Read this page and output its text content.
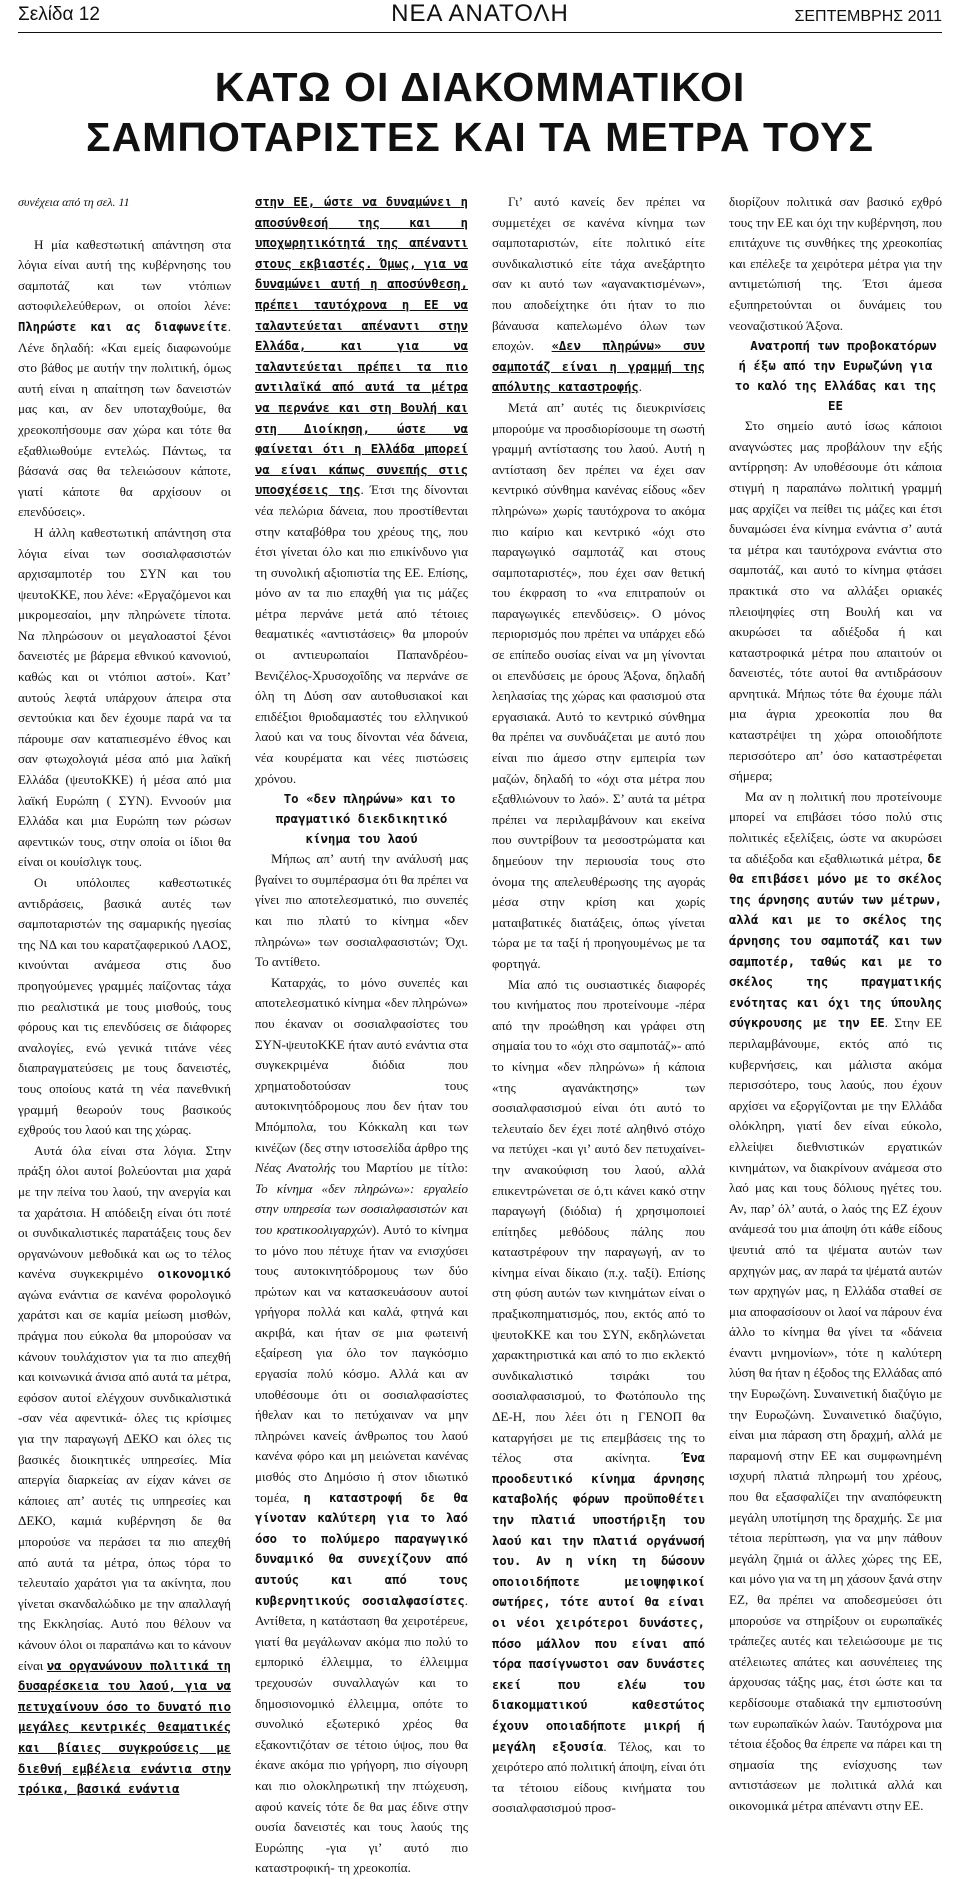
Σελίδα 12	ΝΕΑ ΑΝΑΤΟΛΗ	ΣΕΠΤΕΜΒΡΗΣ 2011
ΚΑΤΩ ΟΙ ΔΙΑΚΟΜΜΑΤΙΚΟΙ
ΣΑΜΠΟΤΑΡΙΣΤΕΣ ΚΑΙ ΤΑ ΜΕΤΡΑ ΤΟΥΣ

συνέχεια από τη σελ. 11

Η μία καθεστωτική απάντηση στα λόγια είναι αυτή της κυβέρνησης του σαμποτάζ και των ντόπιων αστοφιλελεύθερων, οι οποίοι λένε: Πληρώστε και ας διαφωνείτε. Λένε δηλαδή: «Και εμείς διαφωνούμε στο βάθος με αυτήν την πολιτική, όμως αυτή είναι η απαίτηση των δανειστών μας και, αν δεν υποταχθούμε, θα χρεοκοπήσουμε σαν χώρα και τότε θα εξαθλιωθούμε εντελώς. Πάντως, τα βάσανά σας θα τελειώσουν κάποτε, γιατί κάποτε θα αρχίσουν οι επενδύσεις».

Η άλλη καθεστωτική απάντηση στα λόγια είναι των σοσιαλφασιστών αρχισαμποτέρ του ΣΥΝ και του ψευτοΚΚΕ, που λένε: «Εργαζόμενοι και μικρομεσαίοι, μην πληρώνετε τίποτα. Να πληρώσουν οι μεγαλοαστοί ξένοι δανειστές με βάρεμα εθνικού κανονιού, καθώς και οι ντόπιοι αστοί». Κατ’ αυτούς λεφτά υπάρχουν άπειρα στα σεντούκια και δεν έχουμε παρά να τα πάρουμε σαν καταπιεσμένο έθνος και σαν φτωχολογιά μέσα από μια λαϊκή Ελλάδα (ψευτοΚΚΕ) ή μέσα από μια λαϊκή Ευρώπη ( ΣΥΝ). Εννοούν μια Ελλάδα και μια Ευρώπη των ρώσων αφεντικών τους, στην οποία οι ίδιοι θα είναι οι κουίσλιγκ τους.

Οι υπόλοιπες καθεστωτικές αντιδράσεις, βασικά αυτές των σαμποταριστών της σαμαρικής ηγεσίας της ΝΔ και του καρατζαφερικού ΛΑΟΣ, κινούνται ανάμεσα στις δυο προηγούμενες γραμμές παίζοντας τάχα πιο ρεαλιστικά με τους μισθούς, τους φόρους και τις επενδύσεις σε διάφορες αναλογίες, ενώ γενικά τιτάνε νέες διαπραγματεύσεις με τους δανειστές, τους οποίους κατά τη νέα πανεθνική γραμμή θεωρούν τους βασικούς εχθρούς του λαού και της χώρας.

Αυτά όλα είναι στα λόγια. Στην πράξη όλοι αυτοί βολεύονται μια χαρά με την πείνα του λαού, την ανεργία και τα χαράτσια. Η απόδειξη είναι ότι ποτέ οι συνδικαλιστικές παρατάξεις τους δεν οργανώνουν μεθοδικά και ως το τέλος κανένα συγκεκριμένο οικονομικό αγώνα ενάντια σε κανένα φορολογικό χαράτσι και σε καμία μείωση μισθών, πράγμα που εύκολα θα μπορούσαν να κάνουν τουλάχιστον για τα πιο απεχθή και κοινωνικά άνισα από αυτά τα μέτρα, εφόσον αυτοί ελέγχουν συνδικαλιστικά -σαν νέα αφεντικά- όλες τις κρίσιμες για την παραγωγή ΔΕΚΟ και όλες τις βασικές διοικητικές υπηρεσίες. Μία απεργία διαρκείας αν είχαν κάνει σε κάποιες απ’ αυτές τις υπηρεσίες και ΔΕΚΟ, καμιά κυβέρνηση δε θα μπορούσε να περάσει τα πιο απεχθή από αυτά τα μέτρα, όπως τόρα το τελευταίο χαράτσι για τα ακίνητα, που γίνεται σκανδαλώδικο με την απαλλαγή της Εκκλησίας. Αυτό που θέλουν να κάνουν όλοι οι παραπάνω και το κάνουν είναι να οργανώνουν πολιτικά τη δυσαρέσκεια του λαού, για να πετυχαίνουν όσο το δυνατό πιο μεγάλες κεντρικές θεαματικές και βίαιες συγκρούσεις με διεθνή εμβέλεια ενάντια στην τρόικα, βασικά ενάντια

στην ΕΕ, ώστε να δυναμώνει η αποσύνθεσή της και η υποχωρητικότητά της απέναντι στους εκβιαστές. Όμως, για να δυναμώνει αυτή η αποσύνθεση, πρέπει ταυτόχρονα η ΕΕ να ταλαντεύεται απέναντι στην Ελλάδα, και για να ταλαντεύεται πρέπει τα πιο αντιλαϊκά από αυτά τα μέτρα να περνάνε και στη Βουλή και στη Διοίκηση, ώστε να φαίνεται ότι η Ελλάδα μπορεί να είναι κάπως συνεπής στις υποσχέσεις της. Έτσι της δίνονται νέα πελώρια δάνεια, που προστίθενται στην καταβόθρα του χρέους της, που έτσι γίνεται όλο και πιο επικίνδυνο για τη συνολική αξιοπιστία της ΕΕ. Επίσης, μόνο αν τα πιο επαχθή για τις μάζες μέτρα περνάνε μετά από τέτοιες θεαματικές «αντιστάσεις» θα μπορούν οι αντιευρωπαίοι Παπανδρέου-Βενιζέλος-Χρυσοχοΐδης να περνάνε σε όλη τη Δύση σαν αυτοθυσιακοί και επιδέξιοι θριοδαμαστές του ελληνικού λαού και να τους δίνονται νέα δάνεια, νέα κουρέματα και νέες πιστώσεις χρόνου.

Το «δεν πληρώνω» και το πραγματικό διεκδικητικό κίνημα του λαού

Μήπως απ’ αυτή την ανάλυσή μας βγαίνει το συμπέρασμα ότι θα πρέπει να γίνει πιο αποτελεσματικό, πιο συνεπές και πιο πλατύ το κίνημα «δεν πληρώνω» των σοσιαλφασιστών; Όχι. Το αντίθετο.

Καταρχάς, το μόνο συνεπές και αποτελεσματικό κίνημα «δεν πληρώνω» που έκαναν οι σοσιαλφασίστες του ΣΥΝ-ψευτοΚΚΕ ήταν αυτό ενάντια στα συγκεκριμένα διόδια που χρηματοδοτούσαν τους αυτοκινητόδρομους που δεν ήταν του Μπόμπολα, του Κόκκαλη και των κινέζων (δες στην ιστοσελίδα άρθρο της Νέας Ανατολής του Μαρτίου με τίτλο: Το κίνημα «δεν πληρώνω»: εργαλείο στην υπηρεσία των σοσιαλφασιστών και του κρατικοολιγαρχών). Αυτό το κίνημα το μόνο που πέτυχε ήταν να ενισχύσει τους αυτοκινητόδρομους των δύο πρώτων και να κατασκευάσουν αυτοί γρήγορα πολλά και καλά, φτηνά και ακριβά, και ήταν σε μια φωτεινή εξαίρεση για όλο τον παγκόσμιο εργασία πολύ κόσμο. Αλλά και αν υποθέσουμε ότι οι σοσιαλφασίστες ήθελαν και το πετύχαιναν να μην πληρώνει κανείς άνθρωπος του λαού κανένα φόρο και μη μειώνεται κανένας μισθός στο Δημόσιο ή στον ιδιωτικό τομέα, η καταστροφή δε θα γίνοταν καλύτερη για το λαό όσο το πολύμερο παραγωγικό δυναμικό θα συνεχίζουν από αυτούς και από τους κυβερνητικούς σοσιαλφασίστες. Αντίθετα, η κατάσταση θα χειροτέρευε, γιατί θα μεγάλωναν ακόμα πιο πολύ το εμπορικό έλλειμμα, το έλλειμμα τρεχουσών συναλλαγών και το δημοσιονομικό έλλειμμα, οπότε το συνολικό εξωτερικό χρέος θα εξακοντιζόταν σε τέτοιο ύψος, που θα έκανε ακόμα πιο γρήγορη, πιο σίγουρη και πιο ολοκληρωτική την πτώχευση, αφού κανείς τότε δε θα μας έδινε στην ουσία δανειστές και τους λαούς της Ευρώπης -για γι’ αυτό πιο καταστροφική- τη χρεοκοπία.

Γι’ αυτό κανείς δεν πρέπει να συμμετέχει σε κανένα κίνημα των σαμποταριστών, είτε πολιτικό είτε συνδικαλιστικό είτε τάχα ανεξάρτητο σαν κι αυτό των «αγανακτισμένων», που αποδείχτηκε ότι ήταν το πιο βάναυσα καπελωμένο όλων των εποχών. «Δεν πληρώνω» συν σαμποτάζ είναι η γραμμή της απόλυτης καταστροφής.

Μετά απ’ αυτές τις διευκρινίσεις μπορούμε να προσδιορίσουμε τη σωστή γραμμή αντίστασης του λαού. Αυτή η αντίσταση δεν πρέπει να έχει σαν κεντρικό σύνθημα κανένας είδους «δεν πληρώνω» χωρίς ταυτόχρονα το ακόμα πιο καίριο και κεντρικό «όχι στο παραγωγικό σαμποτάζ και στους σαμποταριστές», που έχει σαν θετική του έκφραση το «να επιτραπούν οι παραγωγικές επενδύσεις». Ο μόνος περιορισμός που πρέπει να υπάρχει εδώ σε επίπεδο ουσίας είναι να μη γίνονται οι επενδύσεις με όρους Άξονα, δηλαδή λεηλασίας της χώρας και φασισμού στα εργασιακά. Αυτό το κεντρικό σύνθημα θα πρέπει να συνδυάζεται με αυτό που είναι πιο άμεσο στην εμπειρία των μαζών, δηλαδή το «όχι στα μέτρα που εξαθλιώνουν το λαό». Σ’ αυτά τα μέτρα πρέπει να περιλαμβάνουν και εκείνα που συντρίβουν τα μεσοστρώματα και δημεύουν την περιουσία τους στο όνομα της απελευθέρωσης της αγοράς μέσα στην κρίση και χωρίς ματαιβατικές διατάξεις, όπως γίνεται τώρα με τα ταξί ή προηγουμένως με τα φορτηγά.

Μία από τις ουσιαστικές διαφορές του κινήματος που προτείνουμε -πέρα από την προώθηση και γράφει στη σημαία του το «όχι στο σαμποτάζ»- από το κίνημα «δεν πληρώνω» ή κάποια «της αγανάκτησης» των σοσιαλφασισμού είναι ότι αυτό το τελευταίο δεν έχει ποτέ αληθινό στόχο να πετύχει -και γι’ αυτό δεν πετυχαίνει- την ανακούφιση του λαού, αλλά επικεντρώνεται σε ό,τι κάνει κακό στην παραγωγή (διόδια) ή χρησιμοποιεί επίτηδες μεθόδους πάλης που καταστρέφουν την παραγωγή, αν το κίνημα είναι δίκαιο (π.χ. ταξί). Επίσης στη φύση αυτών των κινημάτων είναι ο πραξικοπηματισμός, που, εκτός από το ψευτοΚΚΕ και του ΣΥΝ, εκδηλώνεται χαρακτηριστικά και από το πιο εκλεκτό συνδικαλιστικό τσιράκι του σοσιαλφασισμού, το Φωτόπουλο της ΔΕ-Η, που λέει ότι η ΓΕΝΟΠ θα καταργήσει με τις επεμβάσεις της το τέλος στα ακίνητα. Ένα προοδευτικό κίνημα άρνησης καταβολής φόρων προϋποθέτει την πλατιά υποστήριξη του λαού και την πλατιά οργάνωσή του. Αν η νίκη τη δώσουν οποιοιδήποτε μειοψηφικοί σωτήρες, τότε αυτοί θα είναι οι νέοι χειρότεροι δυνάστες, πόσο μάλλον που είναι από τόρα πασίγνωστοι σαν δυνάστες εκεί που ελέω του διακομματικού καθεστώτος έχουν οποιαδήποτε μικρή ή μεγάλη εξουσία. Τέλος, και το χειρότερο από πολιτική άποψη, είναι ότι τα τέτοιου είδους κινήματα του σοσιαλφασισμού προσ-

διορίζουν πολιτικά σαν βασικό εχθρό τους την ΕΕ και όχι την κυβέρνηση, που επιτάχυνε τις συνθήκες της χρεοκοπίας και επέλεξε τα χειρότερα μέτρα για την αντιμετώπισή της. Έτσι άμεσα εξυπηρετούνται οι δυνάμεις του νεοναζιστικού Άξονα.

Ανατροπή των προβοκατόρων ή έξω από την Ευρωζώνη για το καλό της Ελλάδας και της ΕΕ

Στο σημείο αυτό ίσως κάποιοι αναγνώστες μας προβάλουν την εξής αντίρρηση: Αν υποθέσουμε ότι κάποια στιγμή η παραπάνω πολιτική γραμμή μας αρχίζει να πείθει τις μάζες και έτσι δυναμώσει ένα κίνημα ενάντια σ’ αυτά τα μέτρα και ταυτόχρονα ενάντια στο σαμποτάζ, και αυτό το κίνημα φτάσει πρακτικά στο να αλλάξει οριακές πλειοψηφίες στη Βουλή και να ακυρώσει τα αδιέξοδα ή και καταστροφικά μέτρα που απαιτούν οι δανειστές, τότε αυτοί θα αντιδράσουν αρνητικά. Μήπως τότε θα έχουμε πάλι μια άγρια χρεοκοπία που θα καταστρέψει τη χώρα οποιοδήποτε περισσότερο απ’ όσο καταστρέφεται σήμερα;

Μα αν η πολιτική που προτείνουμε μπορεί να επιβάσει τόσο πολύ στις πολιτικές εξελίξεις, ώστε να ακυρώσει τα αδιέξοδα και εξαθλιωτικά μέτρα, δε θα επιβάσει μόνο με το σκέλος της άρνησης αυτών των μέτρων, αλλά και με το σκέλος της άρνησης του σαμποτάζ και των σαμποτέρ, ταθώς και με το σκέλος της πραγματικής ενότητας και όχι της ύπουλης σύγκρουσης με την ΕΕ. Στην ΕΕ περιλαμβάνουμε, εκτός από τις κυβερνήσεις, και μάλιστα ακόμα περισσότερο, τους λαούς, που έχουν αρχίσει να εξοργίζονται με την Ελλάδα ολόκληρη, γιατί δεν είναι εύκολο, ελλείψει διεθνιστικών εργατικών κινημάτων, να διακρίνουν ανάμεσα στο λαό μας και τους δόλιους ηγέτες του. Αν, παρ’ όλ’ αυτά, ο λαός της ΕΖ έχουν ανάμεσά του μια άποψη ότι κάθε είδους ψευτιά από τα ψέματα αυτών των αρχηγών μας, αν παρά τα ψέματά αυτών των αρχηγών μας, η Ελλάδα σταθεί σε μια αποφασίσουν οι λαοί να πάρουν ένα άλλο το κίνημα θα γίνει τα «δάνεια έναντι μνημονίων», τότε η καλύτερη λύση θα ήταν η έξοδος της Ελλάδας από την Ευρωζώνη. Συναινετική διαζύγιο με την Ευρωζώνη. Συναινετικό διαζύγιο, είναι μια πάραση στη δραχμή, αλλά με παραμονή στην ΕΕ και συμφωνημένη ισχυρή πλατιά πληρωμή του χρέους, που θα εξασφαλίζει την αναπόφευκτη μεγάλη υποτίμηση της δραχμής. Σε μια τέτοια περίπτωση, για να μην πάθουν μεγάλη ζημιά οι άλλες χώρες της ΕΕ, και μόνο για να τη μη χάσουν ξανά στην ΕΖ, θα πρέπει να αποδεσμεύσει ότι μπορούσε να στηρίξουν οι ευρωπαϊκές τράπεζες αυτές και τελειώσουμε με τις ατέλειωτες απάτες και ασυνέπειες της άρχουσας τάξης μας, έτσι ώστε και τα κερδίσουμε σταδιακά την εμπιστοσύνη των ευρωπαϊκών λαών. Ταυτόχρονα μια τέτοια έξοδος θα έπρεπε να πάρει και τη σημασία της ενίσχυσης των αντιστάσεων με πολιτικά αλλά και οικονομικά μέτρα απέναντι στην ΕΕ.
